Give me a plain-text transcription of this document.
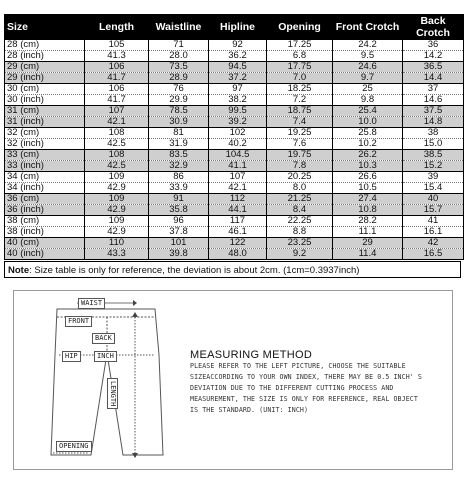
Size	Length	Waistline	Hipline	Opening	Front Crotch	Back Crotch
28 (cm)	105	71	92	17.25	24.2	36
28 (inch)	41.3	28.0	36.2	6.8	9.5	14.2
29 (cm)	106	73.5	94.5	17.75	24.6	36.5
29 (inch)	41.7	28.9	37.2	7.0	9.7	14.4
30 (cm)	106	76	97	18.25	25	37
30 (inch)	41.7	29.9	38.2	7.2	9.8	14.6
31 (cm)	107	78.5	99.5	18.75	25.4	37.5
31 (inch)	42.1	30.9	39.2	7.4	10.0	14.8
32 (cm)	108	81	102	19.25	25.8	38
32 (inch)	42.5	31.9	40.2	7.6	10.2	15.0
33 (cm)	108	83.5	104.5	19.75	26.2	38.5
33 (inch)	42.5	32.9	41.1	7.8	10.3	15.2
34 (cm)	109	86	107	20.25	26.6	39
34 (inch)	42.9	33.9	42.1	8.0	10.5	15.4
36 (cm)	109	91	112	21.25	27.4	40
36 (inch)	42.9	35.8	44.1	8.4	10.8	15.7
38 (cm)	109	96	117	22.25	28.2	41
38 (inch)	42.9	37.8	46.1	8.8	11.1	16.1
40 (cm)	110	101	122	23.25	29	42
40 (inch)	43.3	39.8	48.0	9.2	11.4	16.5
Note: Size table is only for reference, the deviation is about 2cm. (1cm=0.3937inch)
WAIST
FRONT
BACK
HIP	INCH
LENGTH
OPENING
MEASURING METHOD
PLEASE REFER TO THE LEFT PICTURE, CHOOSE THE SUITABLE
SIZEACCORDING TO YOUR OWN INDEX, THERE MAY BE 0.5 INCH' S
DEVIATION DUE TO THE DIFFERENT CUTTING PROCESS AND
MEASUREMENT, THE SIZE IS ONLY FOR REFERENCE, REAL OBJECT
IS THE STANDARD. (UNIT: INCH)
